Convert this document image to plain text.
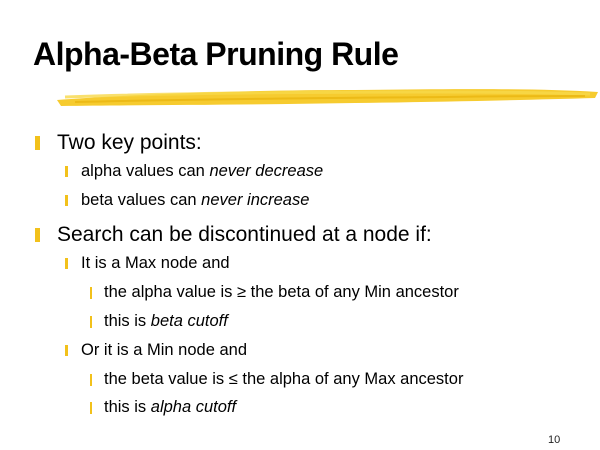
Alpha-Beta Pruning Rule
Two key points:
alpha values can never decrease
beta values can never increase
Search can be discontinued at a node if:
It is a Max node and
the alpha value is ≥ the beta of any Min ancestor
this is beta cutoff
Or it is a Min node and
the beta value is ≤ the alpha of any Max ancestor
this is alpha cutoff
10
